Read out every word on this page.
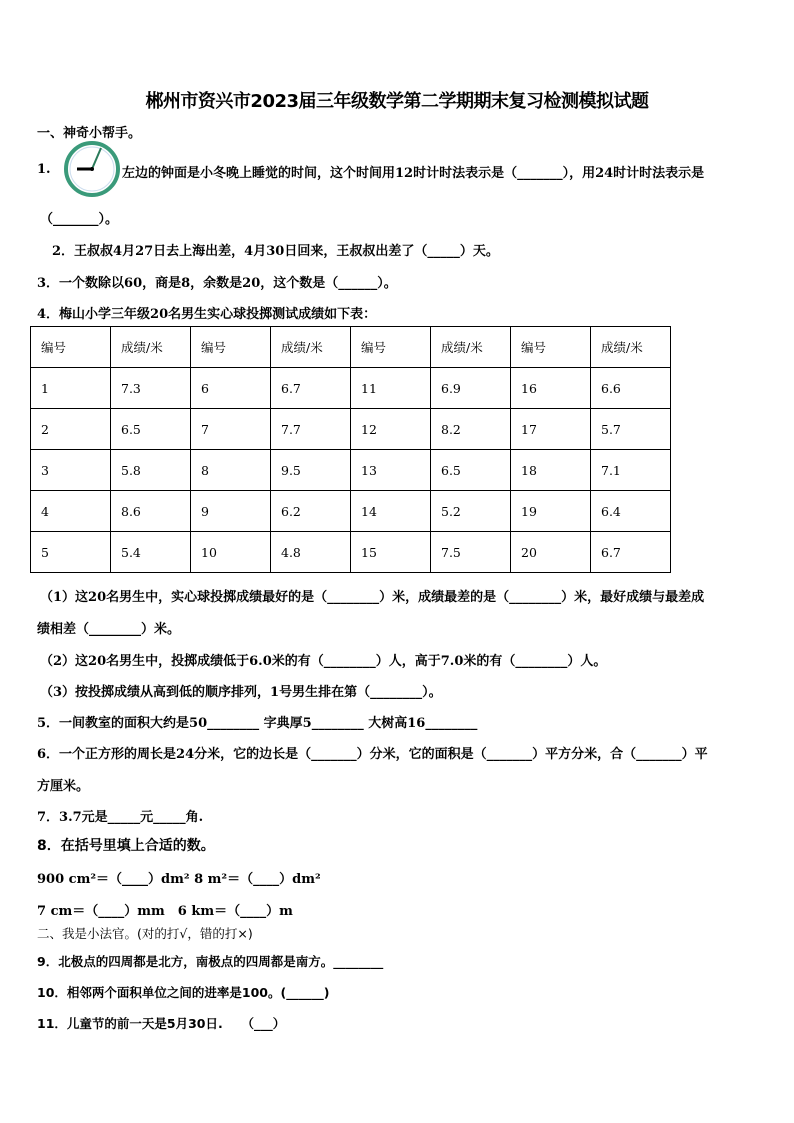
郴州市资兴市2023届三年级数学第二学期期末复习检测模拟试题
一、神奇小帮手。
1.	左边的钟面是小冬晚上睡觉的时间，这个时间用12时计时法表示是（_______），用24时计时法表示是
（_______）。
2．王叔叔4月27日去上海出差，4月30日回来，王叔叔出差了（_____）天。
3．一个数除以60，商是8，余数是20，这个数是（______）。
4．梅山小学三年级20名男生实心球投掷测试成绩如下表：
编号	成绩/米	编号	成绩/米	编号	成绩/米	编号	成绩/米
1	7.3	6	6.7	11	6.9	16	6.6
2	6.5	7	7.7	12	8.2	17	5.7
3	5.8	8	9.5	13	6.5	18	7.1
4	8.6	9	6.2	14	5.2	19	6.4
5	5.4	10	4.8	15	7.5	20	6.7
（1）这20名男生中，实心球投掷成绩最好的是（________）米，成绩最差的是（________）米，最好成绩与最差成
绩相差（________）米。
（2）这20名男生中，投掷成绩低于6.0米的有（________）人，高于7.0米的有（________）人。
（3）按投掷成绩从高到低的顺序排列，1号男生排在第（________）。
5．一间教室的面积大约是50________ 字典厚5________ 大树高16________
6．一个正方形的周长是24分米，它的边长是（_______）分米，它的面积是（_______）平方分米，合（_______）平
方厘米。
7．3.7元是_____元_____角.
8．在括号里填上合适的数。
900 cm²＝（____）dm² 8 m²＝（____）dm²
7 cm＝（____）mm　6 km＝（____）m
二、我是小法官。(对的打√，错的打×)
9．北极点的四周都是北方，南极点的四周都是南方。________
10．相邻两个面积单位之间的进率是100。(______)
11．儿童节的前一天是5月30日.　　（___）
